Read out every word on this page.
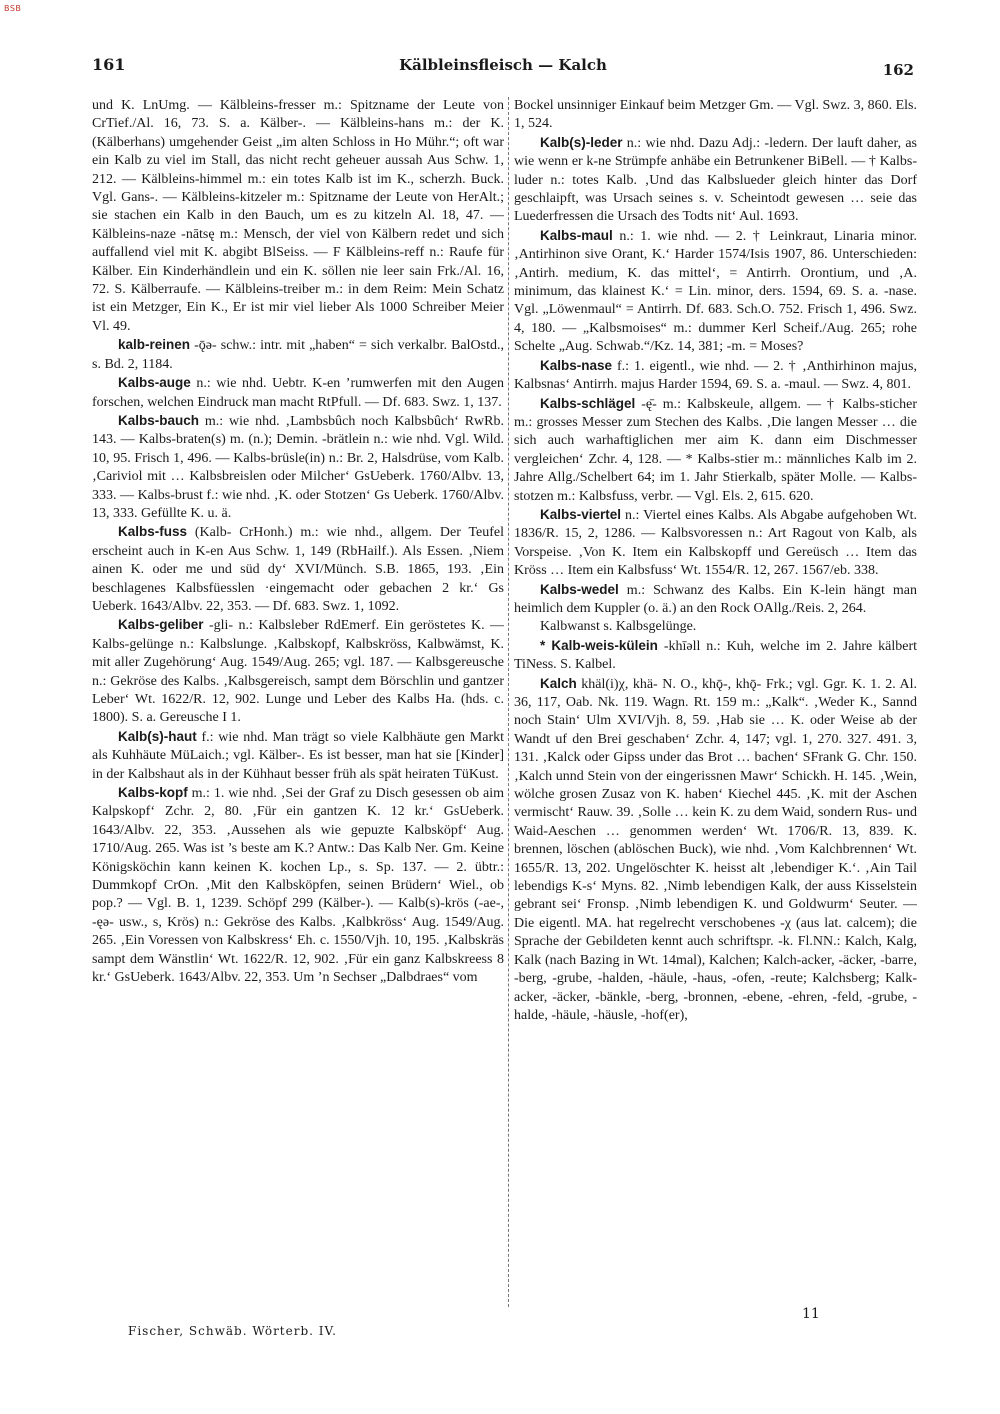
BSB
161	Kälbleinsfleisch — Kalch	162

und K. LnUmg. — Kälbleins-fresser m.: Spitzname der Leute von CrTief./Al. 16, 73. S. a. Kälber-. — Kälbleins-hans m.: der K. (Kälberhans) umgehender Geist „im alten Schloss in Ho Mühr.“; oft war ein Kalb zu viel im Stall, das nicht recht geheuer aussah Aus Schw. 1, 212. — Kälbleins-himmel m.: ein totes Kalb ist im K., scherzh. Buck. Vgl. Gans-. — Kälbleins-kitzeler m.: Spitzname der Leute von HerAlt.; sie stachen ein Kalb in den Bauch, um es zu kitzeln Al. 18, 47. — Kälbleins-naze -nātsę m.: Mensch, der viel von Kälbern redet und sich auffallend viel mit K. abgibt BlSeiss. — F Kälbleins-reff n.: Raufe für Kälber. Ein Kinderhändlein und ein K. söllen nie leer sain Frk./Al. 16, 72. S. Kälberraufe. — Kälbleins-treiber m.: in dem Reim: Mein Schatz ist ein Metzger, Ein K., Er ist mir viel lieber Als 1000 Schreiber Meier Vl. 49.

kalb-reinen -ǭə- schw.: intr. mit „haben“ = sich verkalbr. BalOstd., s. Bd. 2, 1184.

Kalbs-auge n.: wie nhd. Uebtr. K-en ’rumwerfen mit den Augen forschen, welchen Eindruck man macht RtPfull. — Df. 683. Swz. 1, 137.

Kalbs-bauch m.: wie nhd. ‚Lambsbûch noch Kalbsbûch‘ RwRb. 143. — Kalbs-braten(s) m. (n.); Demin. -brätlein n.: wie nhd. Vgl. Wild. 10, 95. Frisch 1, 496. — Kalbs-brüsle(in) n.: Br. 2, Halsdrüse, vom Kalb. ‚Cariviol mit … Kalbsbreislen oder Milcher‘ GsUeberk. 1760/Albv. 13, 333. — Kalbs-brust f.: wie nhd. ‚K. oder Stotzen‘ Gs Ueberk. 1760/Albv. 13, 333. Gefüllte K. u. ä.

Kalbs-fuss (Kalb- CrHonh.) m.: wie nhd., allgem. Der Teufel erscheint auch in K-en Aus Schw. 1, 149 (RbHailf.). Als Essen. ‚Niem ainen K. oder me und süd dy‘ XVI/Münch. S.B. 1865, 193. ‚Ein beschlagenes Kalbsfüesslen ·eingemacht oder gebachen 2 kr.‘ Gs Ueberk. 1643/Albv. 22, 353. — Df. 683. Swz. 1, 1092.

Kalbs-geliber -gli- n.: Kalbsleber RdEmerf. Ein geröstetes K. — Kalbs-gelünge n.: Kalbslunge. ‚Kalbskopf, Kalbskröss, Kalbwämst, K. mit aller Zugehörung‘ Aug. 1549/Aug. 265; vgl. 187. — Kalbsgereusche n.: Gekröse des Kalbs. ‚Kalbsgereisch, sampt dem Börschlin und gantzer Leber‘ Wt. 1622/R. 12, 902. Lunge und Leber des Kalbs Ha. (hds. c. 1800). S. a. Gereusche I 1.

Kalb(s)-haut f.: wie nhd. Man trägt so viele Kalbhäute gen Markt als Kuhhäute MüLaich.; vgl. Kälber-. Es ist besser, man hat sie [Kinder] in der Kalbshaut als in der Kühhaut besser früh als spät heiraten TüKust.

Kalbs-kopf m.: 1. wie nhd. ‚Sei der Graf zu Disch gesessen ob aim Kalpskopf‘ Zchr. 2, 80. ‚Für ein gantzen K. 12 kr.‘ GsUeberk. 1643/Albv. 22, 353. ‚Aussehen als wie gepuzte Kalbsköpf‘ Aug. 1710/Aug. 265. Was ist ’s beste am K.? Antw.: Das Kalb Ner. Gm. Keine Königsköchin kann keinen K. kochen Lp., s. Sp. 137. — 2. übtr.: Dummkopf CrOn. ‚Mit den Kalbsköpfen, seinen Brüdern‘ Wiel., ob pop.? — Vgl. B. 1, 1239. Schöpf 299 (Kälber-). — Kalb(s)-krös (-ae-, -ęə- usw., s, Krös) n.: Gekröse des Kalbs. ‚Kalbkröss‘ Aug. 1549/Aug. 265. ‚Ein Voressen von Kalbskress‘ Eh. c. 1550/Vjh. 10, 195. ‚Kalbskräs sampt dem Wänstlin‘ Wt. 1622/R. 12, 902. ‚Für ein ganz Kalbskreess 8 kr.‘ GsUeberk. 1643/Albv. 22, 353. Um ’n Sechser „Dalbdraes“ vom

Bockel unsinniger Einkauf beim Metzger Gm. — Vgl. Swz. 3, 860. Els. 1, 524.

Kalb(s)-leder n.: wie nhd. Dazu Adj.: -ledern. Der lauft daher, as wie wenn er k-ne Strümpfe anhäbe ein Betrunkener BiBell. — † Kalbs-luder n.: totes Kalb. ‚Und das Kalbslueder gleich hinter das Dorf geschlaipft, was Ursach seines s. v. Scheintodt gewesen … seie das Luederfressen die Ursach des Todts nit‘ Aul. 1693.

Kalbs-maul n.: 1. wie nhd. — 2. † Leinkraut, Linaria minor. ‚Antirhinon sive Orant, K.‘ Harder 1574/Isis 1907, 86. Unterschieden: ‚Antirh. medium, K. das mittel‘, = Antirrh. Orontium, und ‚A. minimum, das klainest K.‘ = Lin. minor, ders. 1594, 69. S. a. -nase. Vgl. „Löwenmaul“ = Antirrh. Df. 683. Sch.O. 752. Frisch 1, 496. Swz. 4, 180. — „Kalbsmoises“ m.: dummer Kerl Scheif./Aug. 265; rohe Schelte „Aug. Schwab.“/Kz. 14, 381; -m. = Moses?

Kalbs-nase f.: 1. eigentl., wie nhd. — 2. † ‚Anthirhinon majus, Kalbsnas‘ Antirrh. majus Harder 1594, 69. S. a. -maul. — Swz. 4, 801.

Kalbs-schlägel -ę̄- m.: Kalbskeule, allgem. — † Kalbs-sticher m.: grosses Messer zum Stechen des Kalbs. ‚Die langen Messer … die sich auch warhaftiglichen mer aim K. dann eim Dischmesser vergleichen‘ Zchr. 4, 128. — * Kalbs-stier m.: männliches Kalb im 2. Jahre Allg./Schelbert 64; im 1. Jahr Stierkalb, später Molle. — Kalbs-stotzen m.: Kalbsfuss, verbr. — Vgl. Els. 2, 615. 620.

Kalbs-viertel n.: Viertel eines Kalbs. Als Abgabe aufgehoben Wt. 1836/R. 15, 2, 1286. — Kalbsvoressen n.: Art Ragout von Kalb, als Vorspeise. ‚Von K. Item ein Kalbskopff und Gereüsch … Item das Kröss … Item ein Kalbsfuss‘ Wt. 1554/R. 12, 267. 1567/eb. 338.

Kalbs-wedel m.: Schwanz des Kalbs. Ein K-lein hängt man heimlich dem Kuppler (o. ä.) an den Rock OAllg./Reis. 2, 264.

Kalbwanst s. Kalbsgelünge.

* Kalb-weis-külein -khīəll n.: Kuh, welche im 2. Jahre kälbert TiNess. S. Kalbel.

Kalch khäl(i)χ, khä- N. O., khǭ-, khǭ- Frk.; vgl. Ggr. K. 1. 2. Al. 36, 117, Oab. Nk. 119. Wagn. Rt. 159 m.: „Kalk“. ‚Weder K., Sannd noch Stain‘ Ulm XVI/Vjh. 8, 59. ‚Hab sie … K. oder Weise ab der Wandt uf den Brei geschaben‘ Zchr. 4, 147; vgl. 1, 270. 327. 491. 3, 131. ‚Kalck oder Gipss under das Brot … bachen‘ SFrank G. Chr. 150. ‚Kalch unnd Stein von der eingerissnen Mawr‘ Schickh. H. 145. ‚Wein, wölche grosen Zusaz von K. haben‘ Kiechel 445. ‚K. mit der Aschen vermischt‘ Rauw. 39. ‚Solle … kein K. zu dem Waid, sondern Rus- und Waid-Aeschen … genommen werden‘ Wt. 1706/R. 13, 839. K. brennen, löschen (ablöschen Buck), wie nhd. ‚Vom Kalchbrennen‘ Wt. 1655/R. 13, 202. Ungelöschter K. heisst alt ‚lebendiger K.‘. ‚Ain Tail lebendigs K-s‘ Myns. 82. ‚Nimb lebendigen Kalk, der auss Kisselstein gebrant sei‘ Fronsp. ‚Nimb lebendigen K. und Goldwurm‘ Seuter. — Die eigentl. MA. hat regelrecht verschobenes -χ (aus lat. calcem); die Sprache der Gebildeten kennt auch schriftspr. -k. Fl.NN.: Kalch, Kalg, Kalk (nach Bazing in Wt. 14mal), Kalchen; Kalch-acker, -äcker, -barre, -berg, -grube, -halden, -häule, -haus, -ofen, -reute; Kalchsberg; Kalk-acker, -äcker, -bänkle, -berg, -bronnen, -ebene, -ehren, -feld, -grube, -halde, -häule, -häusle, -hof(er),

Fischer, Schwäb. Wörterb. IV.
11
